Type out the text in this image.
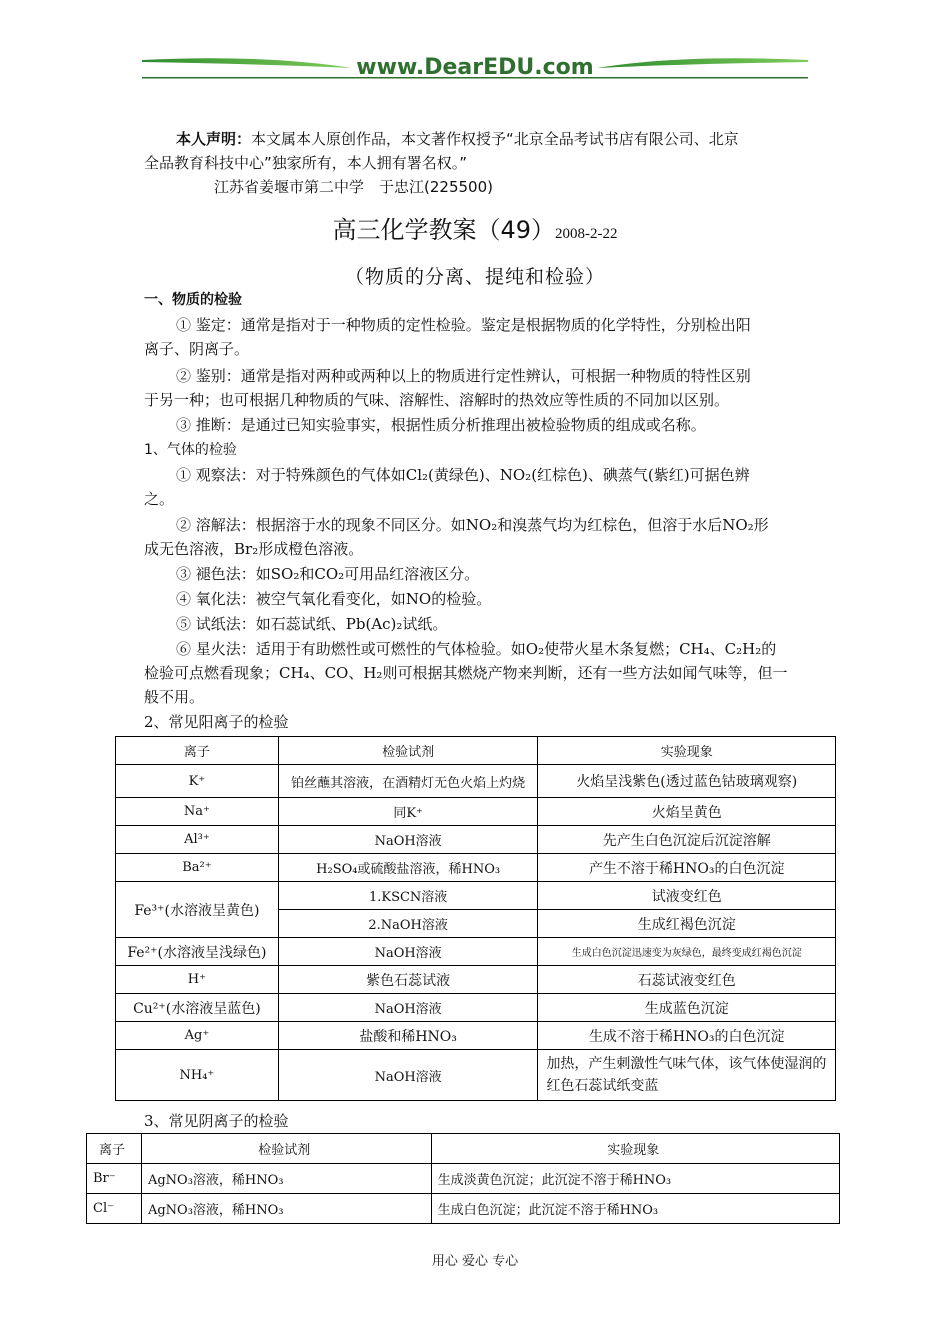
www.DearEDU.com
本人声明：本文属本人原创作品，本文著作权授予“北京全品考试书店有限公司、北京
全品教育科技中心”独家所有，本人拥有署名权。”
江苏省姜堰市第二中学　于忠江(225500)
高三化学教案（49）2008-2-22
（物质的分离、提纯和检验）
一、物质的检验
① 鉴定：通常是指对于一种物质的定性检验。鉴定是根据物质的化学特性，分别检出阳
离子、阴离子。
② 鉴别：通常是指对两种或两种以上的物质进行定性辨认，可根据一种物质的特性区别
于另一种；也可根据几种物质的气味、溶解性、溶解时的热效应等性质的不同加以区别。
③ 推断：是通过已知实验事实，根据性质分析推理出被检验物质的组成或名称。
1、气体的检验
① 观察法：对于特殊颜色的气体如Cl₂(黄绿色)、NO₂(红棕色)、碘蒸气(紫红)可据色辨
之。
② 溶解法：根据溶于水的现象不同区分。如NO₂和溴蒸气均为红棕色，但溶于水后NO₂形
成无色溶液，Br₂形成橙色溶液。
③ 褪色法：如SO₂和CO₂可用品红溶液区分。
④ 氧化法：被空气氧化看变化，如NO的检验。
⑤ 试纸法：如石蕊试纸、Pb(Ac)₂试纸。
⑥ 星火法：适用于有助燃性或可燃性的气体检验。如O₂使带火星木条复燃；CH₄、C₂H₂的
检验可点燃看现象；CH₄、CO、H₂则可根据其燃烧产物来判断，还有一些方法如闻气味等，但一
般不用。
2、常见阳离子的检验
离子	检验试剂	实验现象
K⁺	铂丝蘸其溶液，在酒精灯无色火焰上灼烧	火焰呈浅紫色(透过蓝色钴玻璃观察)
Na⁺	同K⁺	火焰呈黄色
Al³⁺	NaOH溶液	先产生白色沉淀后沉淀溶解
Ba²⁺	H₂SO₄或硫酸盐溶液，稀HNO₃	产生不溶于稀HNO₃的白色沉淀
Fe³⁺(水溶液呈黄色)	1.KSCN溶液	试液变红色
	2.NaOH溶液	生成红褐色沉淀
Fe²⁺(水溶液呈浅绿色)	NaOH溶液	生成白色沉淀迅速变为灰绿色，最终变成红褐色沉淀
H⁺	紫色石蕊试液	石蕊试液变红色
Cu²⁺(水溶液呈蓝色)	NaOH溶液	生成蓝色沉淀
Ag⁺	盐酸和稀HNO₃	生成不溶于稀HNO₃的白色沉淀
NH₄⁺	NaOH溶液	加热，产生刺激性气味气体，该气体使湿润的红色石蕊试纸变蓝
3、常见阴离子的检验
离子	检验试剂	实验现象
Br⁻	AgNO₃溶液，稀HNO₃	生成淡黄色沉淀；此沉淀不溶于稀HNO₃
Cl⁻	AgNO₃溶液，稀HNO₃	生成白色沉淀；此沉淀不溶于稀HNO₃
用心 爱心 专心
